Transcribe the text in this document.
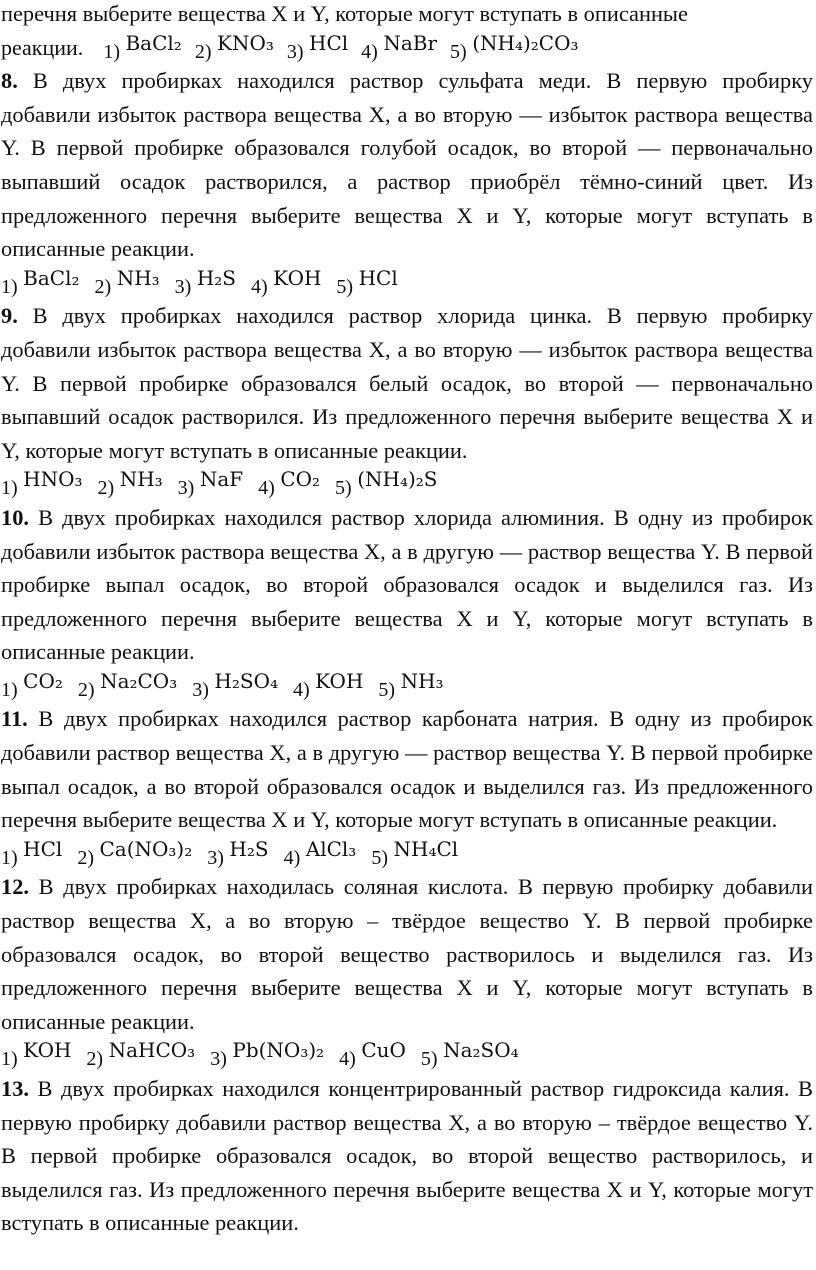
перечня выберите вещества X и Y, которые могут вступать в описанные

реакции. 1) BaCl₂ 2) KNO₃ 3) HCl 4) NaBr 5) (NH₄)₂CO₃

8. В двух пробирках находился раствор сульфата меди. В первую пробирку добавили избыток раствора вещества X, а во вторую — избыток раствора вещества Y. В первой пробирке образовался голубой осадок, во второй — первоначально выпавший осадок растворился, а раствор приобрёл тёмно-синий цвет. Из предложенного перечня выберите вещества X и Y, которые могут вступать в описанные реакции.

1) BaCl₂ 2) NH₃ 3) H₂S 4) KOH 5) HCl

9. В двух пробирках находился раствор хлорида цинка. В первую пробирку добавили избыток раствора вещества X, а во вторую — избыток раствора вещества Y. В первой пробирке образовался белый осадок, во второй — первоначально выпавший осадок растворился. Из предложенного перечня выберите вещества X и Y, которые могут вступать в описанные реакции.

1) HNO₃ 2) NH₃ 3) NaF 4) CO₂ 5) (NH₄)₂S

10. В двух пробирках находился раствор хлорида алюминия. В одну из пробирок добавили избыток раствора вещества X, а в другую — раствор вещества Y. В первой пробирке выпал осадок, во второй образовался осадок и выделился газ. Из предложенного перечня выберите вещества X и Y, которые могут вступать в описанные реакции.

1) CO₂ 2) Na₂CO₃ 3) H₂SO₄ 4) KOH 5) NH₃

11. В двух пробирках находился раствор карбоната натрия. В одну из пробирок добавили раствор вещества X, а в другую — раствор вещества Y. В первой пробирке выпал осадок, а во второй образовался осадок и выделился газ. Из предложенного перечня выберите вещества X и Y, которые могут вступать в описанные реакции.

1) HCl 2) Ca(NO₃)₂ 3) H₂S 4) AlCl₃ 5) NH₄Cl

12. В двух пробирках находилась соляная кислота. В первую пробирку добавили раствор вещества X, а во вторую – твёрдое вещество Y. В первой пробирке образовался осадок, во второй вещество растворилось и выделился газ. Из предложенного перечня выберите вещества X и Y, которые могут вступать в описанные реакции.

1) KOH 2) NaHCO₃ 3) Pb(NO₃)₂ 4) CuO 5) Na₂SO₄

13. В двух пробирках находился концентрированный раствор гидроксида калия. В первую пробирку добавили раствор вещества X, а во вторую – твёрдое вещество Y. В первой пробирке образовался осадок, во второй вещество растворилось, и выделился газ. Из предложенного перечня выберите вещества X и Y, которые могут вступать в описанные реакции.
